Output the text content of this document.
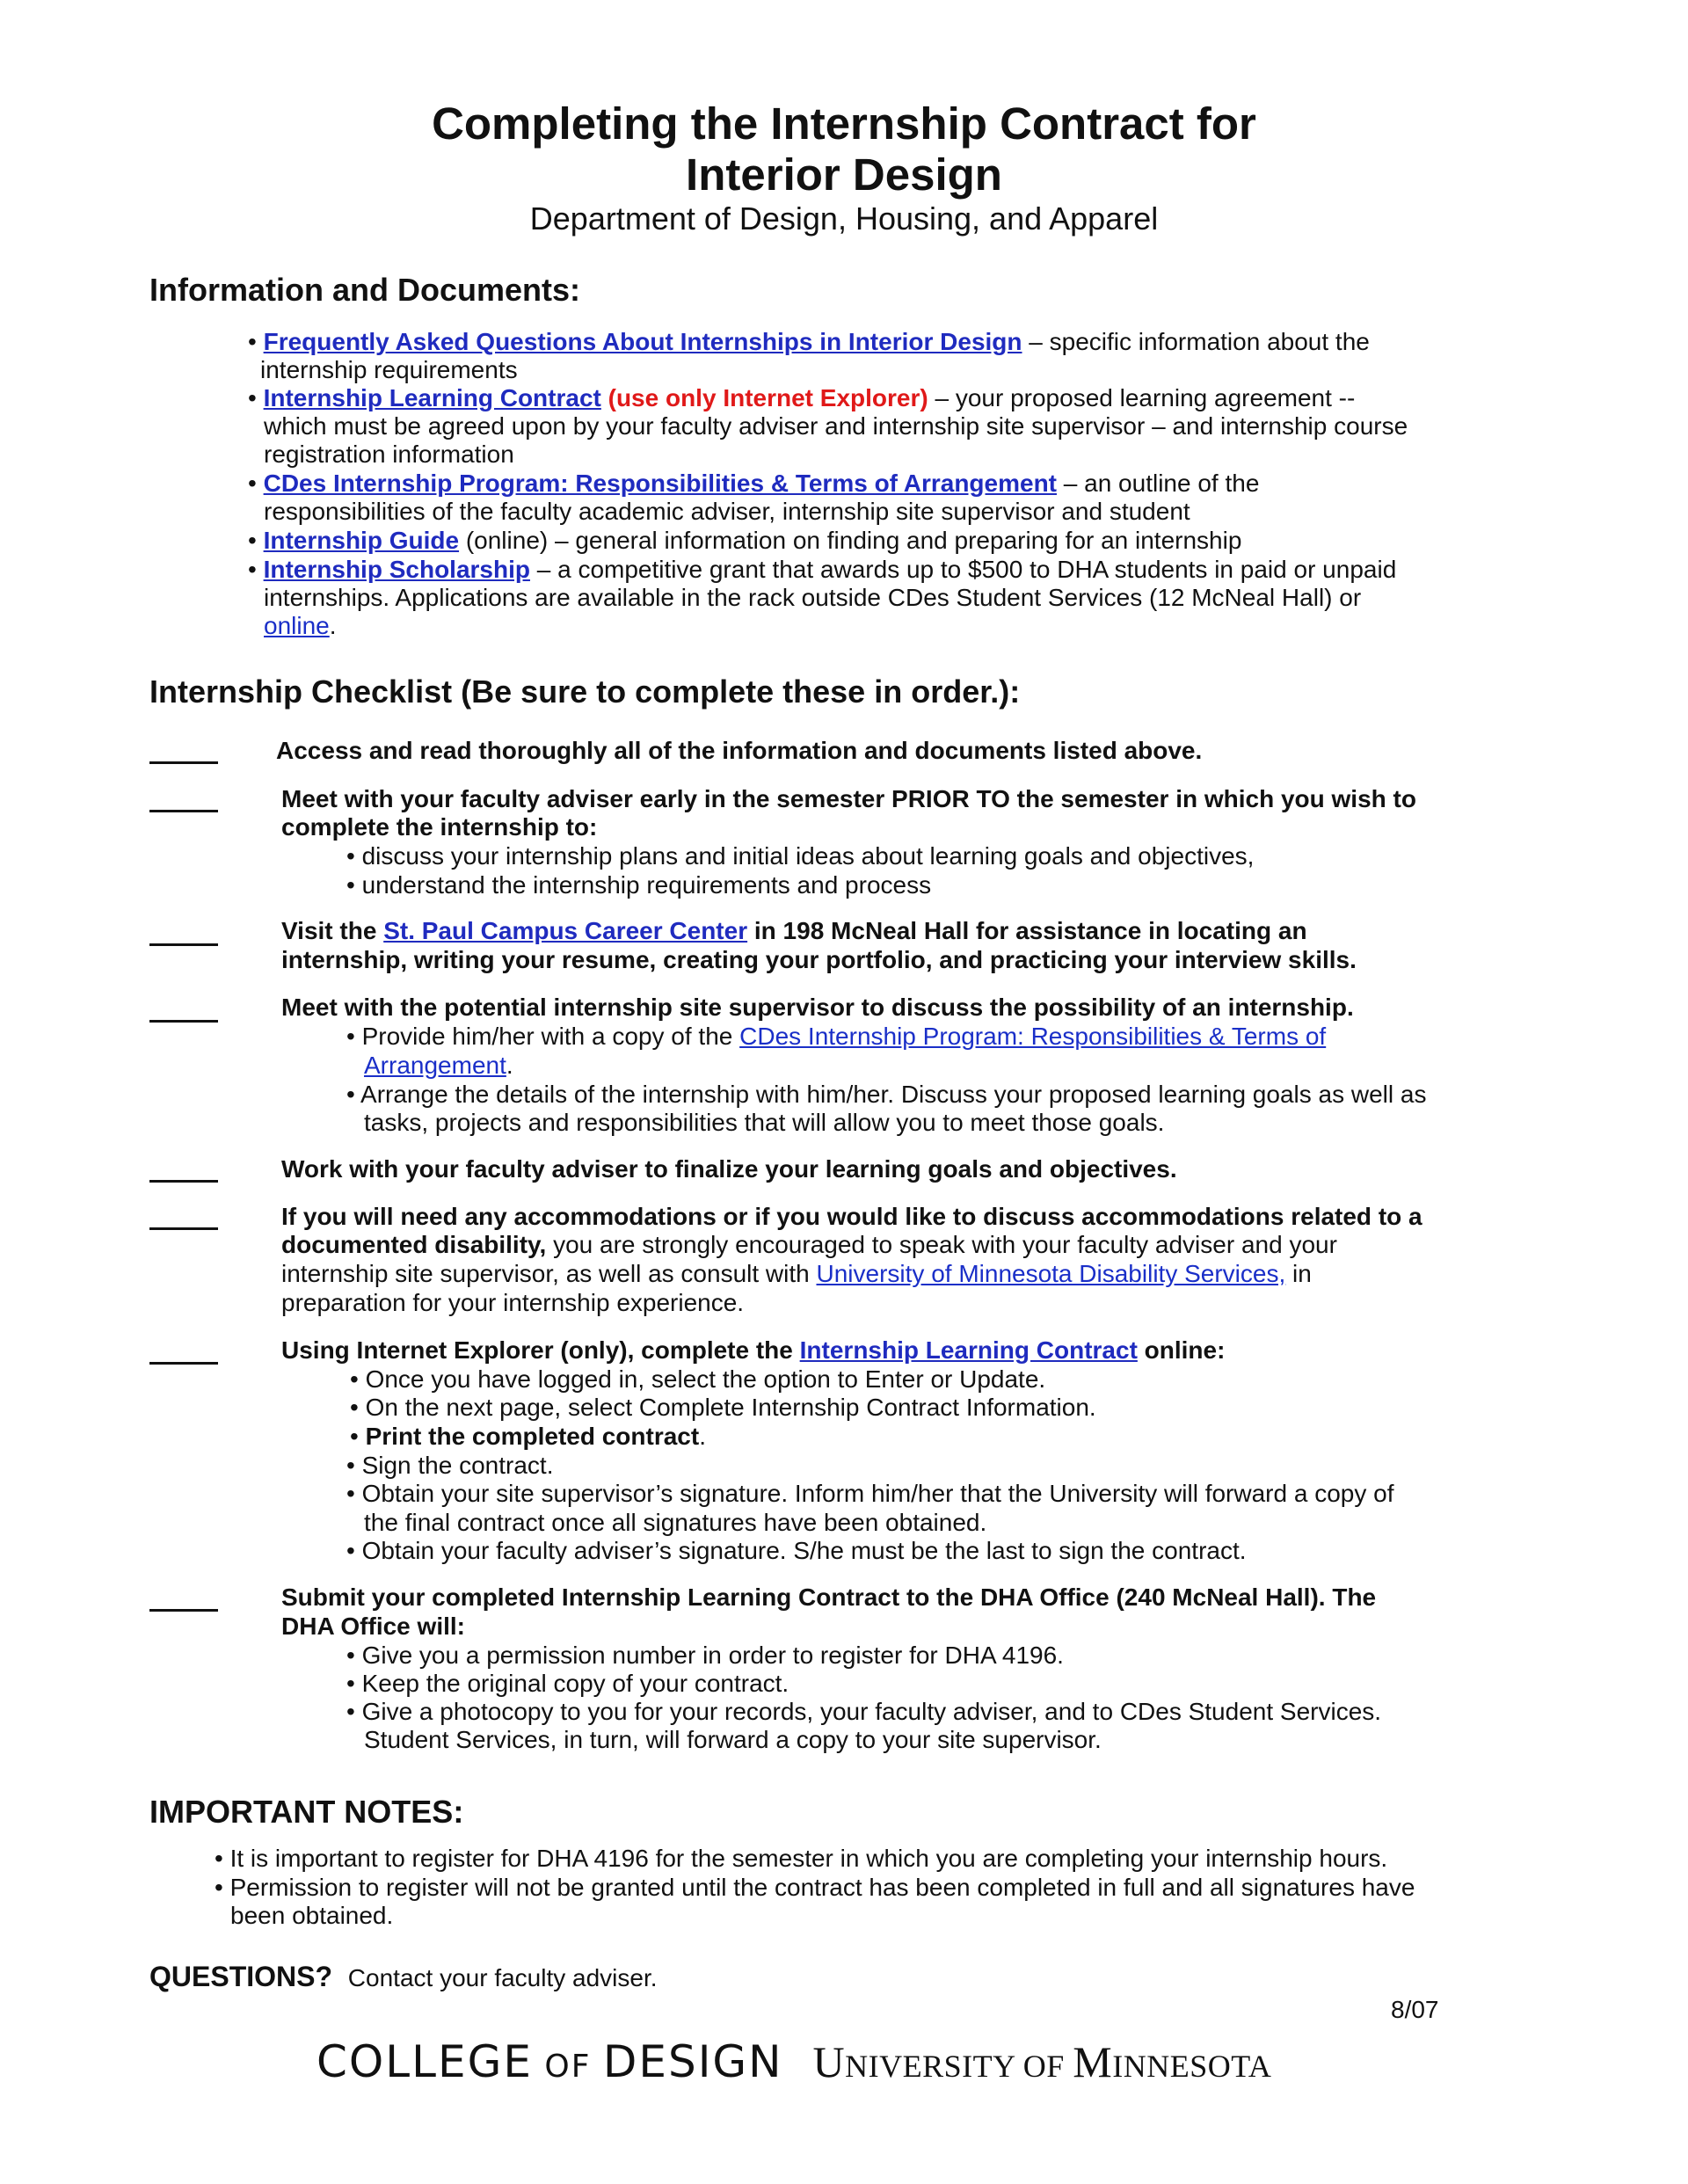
Completing the Internship Contract for
Interior Design
Department of Design, Housing, and Apparel
Information and Documents:
• Frequently Asked Questions About Internships in Interior Design – specific information about the
internship requirements
• Internship Learning Contract (use only Internet Explorer) – your proposed learning agreement --
which must be agreed upon by your faculty adviser and internship site supervisor – and internship course
registration information
• CDes Internship Program: Responsibilities & Terms of Arrangement – an outline of the
responsibilities of the faculty academic adviser, internship site supervisor and student
• Internship Guide (online) – general information on finding and preparing for an internship
• Internship Scholarship – a competitive grant that awards up to $500 to DHA students in paid or unpaid
internships. Applications are available in the rack outside CDes Student Services (12 McNeal Hall) or
online.
Internship Checklist (Be sure to complete these in order.):
Access and read thoroughly all of the information and documents listed above.
Meet with your faculty adviser early in the semester PRIOR TO the semester in which you wish to
complete the internship to:
• discuss your internship plans and initial ideas about learning goals and objectives,
• understand the internship requirements and process
Visit the St. Paul Campus Career Center in 198 McNeal Hall for assistance in locating an
internship, writing your resume, creating your portfolio, and practicing your interview skills.
Meet with the potential internship site supervisor to discuss the possibility of an internship.
• Provide him/her with a copy of the CDes Internship Program: Responsibilities & Terms of
Arrangement.
• Arrange the details of the internship with him/her. Discuss your proposed learning goals as well as
tasks, projects and responsibilities that will allow you to meet those goals.
Work with your faculty adviser to finalize your learning goals and objectives.
If you will need any accommodations or if you would like to discuss accommodations related to a
documented disability, you are strongly encouraged to speak with your faculty adviser and your
internship site supervisor, as well as consult with University of Minnesota Disability Services, in
preparation for your internship experience.
Using Internet Explorer (only), complete the Internship Learning Contract online:
• Once you have logged in, select the option to Enter or Update.
• On the next page, select Complete Internship Contract Information.
• Print the completed contract.
• Sign the contract.
• Obtain your site supervisor’s signature. Inform him/her that the University will forward a copy of
the final contract once all signatures have been obtained.
• Obtain your faculty adviser’s signature. S/he must be the last to sign the contract.
Submit your completed Internship Learning Contract to the DHA Office (240 McNeal Hall). The
DHA Office will:
• Give you a permission number in order to register for DHA 4196.
• Keep the original copy of your contract.
• Give a photocopy to you for your records, your faculty adviser, and to CDes Student Services.
Student Services, in turn, will forward a copy to your site supervisor.
IMPORTANT NOTES:
• It is important to register for DHA 4196 for the semester in which you are completing your internship hours.
• Permission to register will not be granted until the contract has been completed in full and all signatures have
been obtained.
QUESTIONS? Contact your faculty adviser.
8/07
COLLEGE OF DESIGN UNIVERSITY OF MINNESOTA
